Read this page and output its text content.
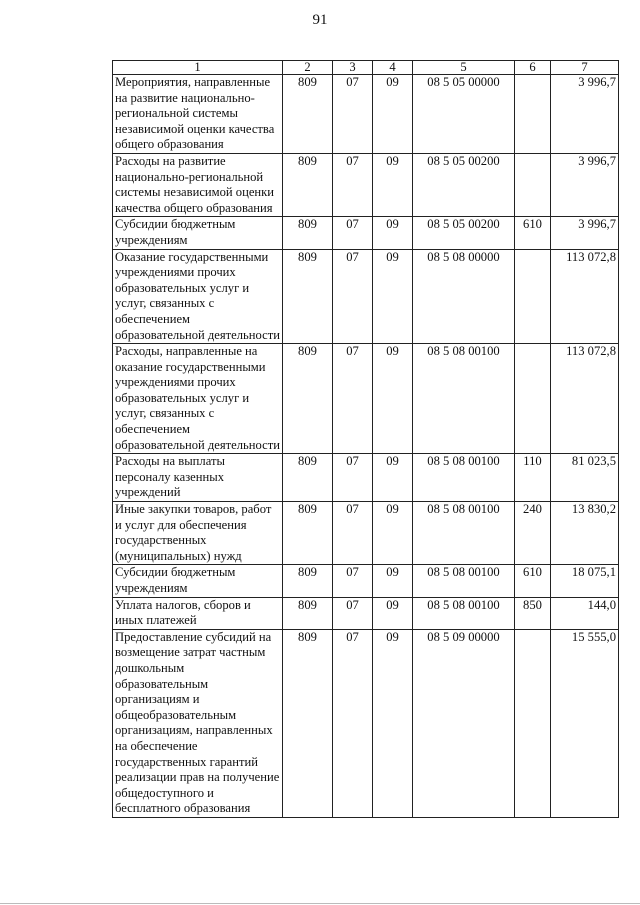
91
1	2	3	4	5	6	7
Мероприятия, направленные на развитие национально-региональной системы независимой оценки качества общего образования	809	07	09	08 5 05 00000		3 996,7
Расходы на развитие национально-региональной системы независимой оценки качества общего образования	809	07	09	08 5 05 00200		3 996,7
Субсидии бюджетным учреждениям	809	07	09	08 5 05 00200	610	3 996,7
Оказание государственными учреждениями прочих образовательных услуг и услуг, связанных с обеспечением образовательной деятельности	809	07	09	08 5 08 00000		113 072,8
Расходы, направленные на оказание государственными учреждениями прочих образовательных услуг и услуг, связанных с обеспечением образовательной деятельности	809	07	09	08 5 08 00100		113 072,8
Расходы на выплаты персоналу казенных учреждений	809	07	09	08 5 08 00100	110	81 023,5
Иные закупки товаров, работ и услуг для обеспечения государственных (муниципальных) нужд	809	07	09	08 5 08 00100	240	13 830,2
Субсидии бюджетным учреждениям	809	07	09	08 5 08 00100	610	18 075,1
Уплата налогов, сборов и иных платежей	809	07	09	08 5 08 00100	850	144,0
Предоставление субсидий на возмещение затрат частным дошкольным образовательным организациям и общеобразовательным организациям, направленных на обеспечение государственных гарантий реализации прав на получение общедоступного и бесплатного образования	809	07	09	08 5 09 00000		15 555,0
